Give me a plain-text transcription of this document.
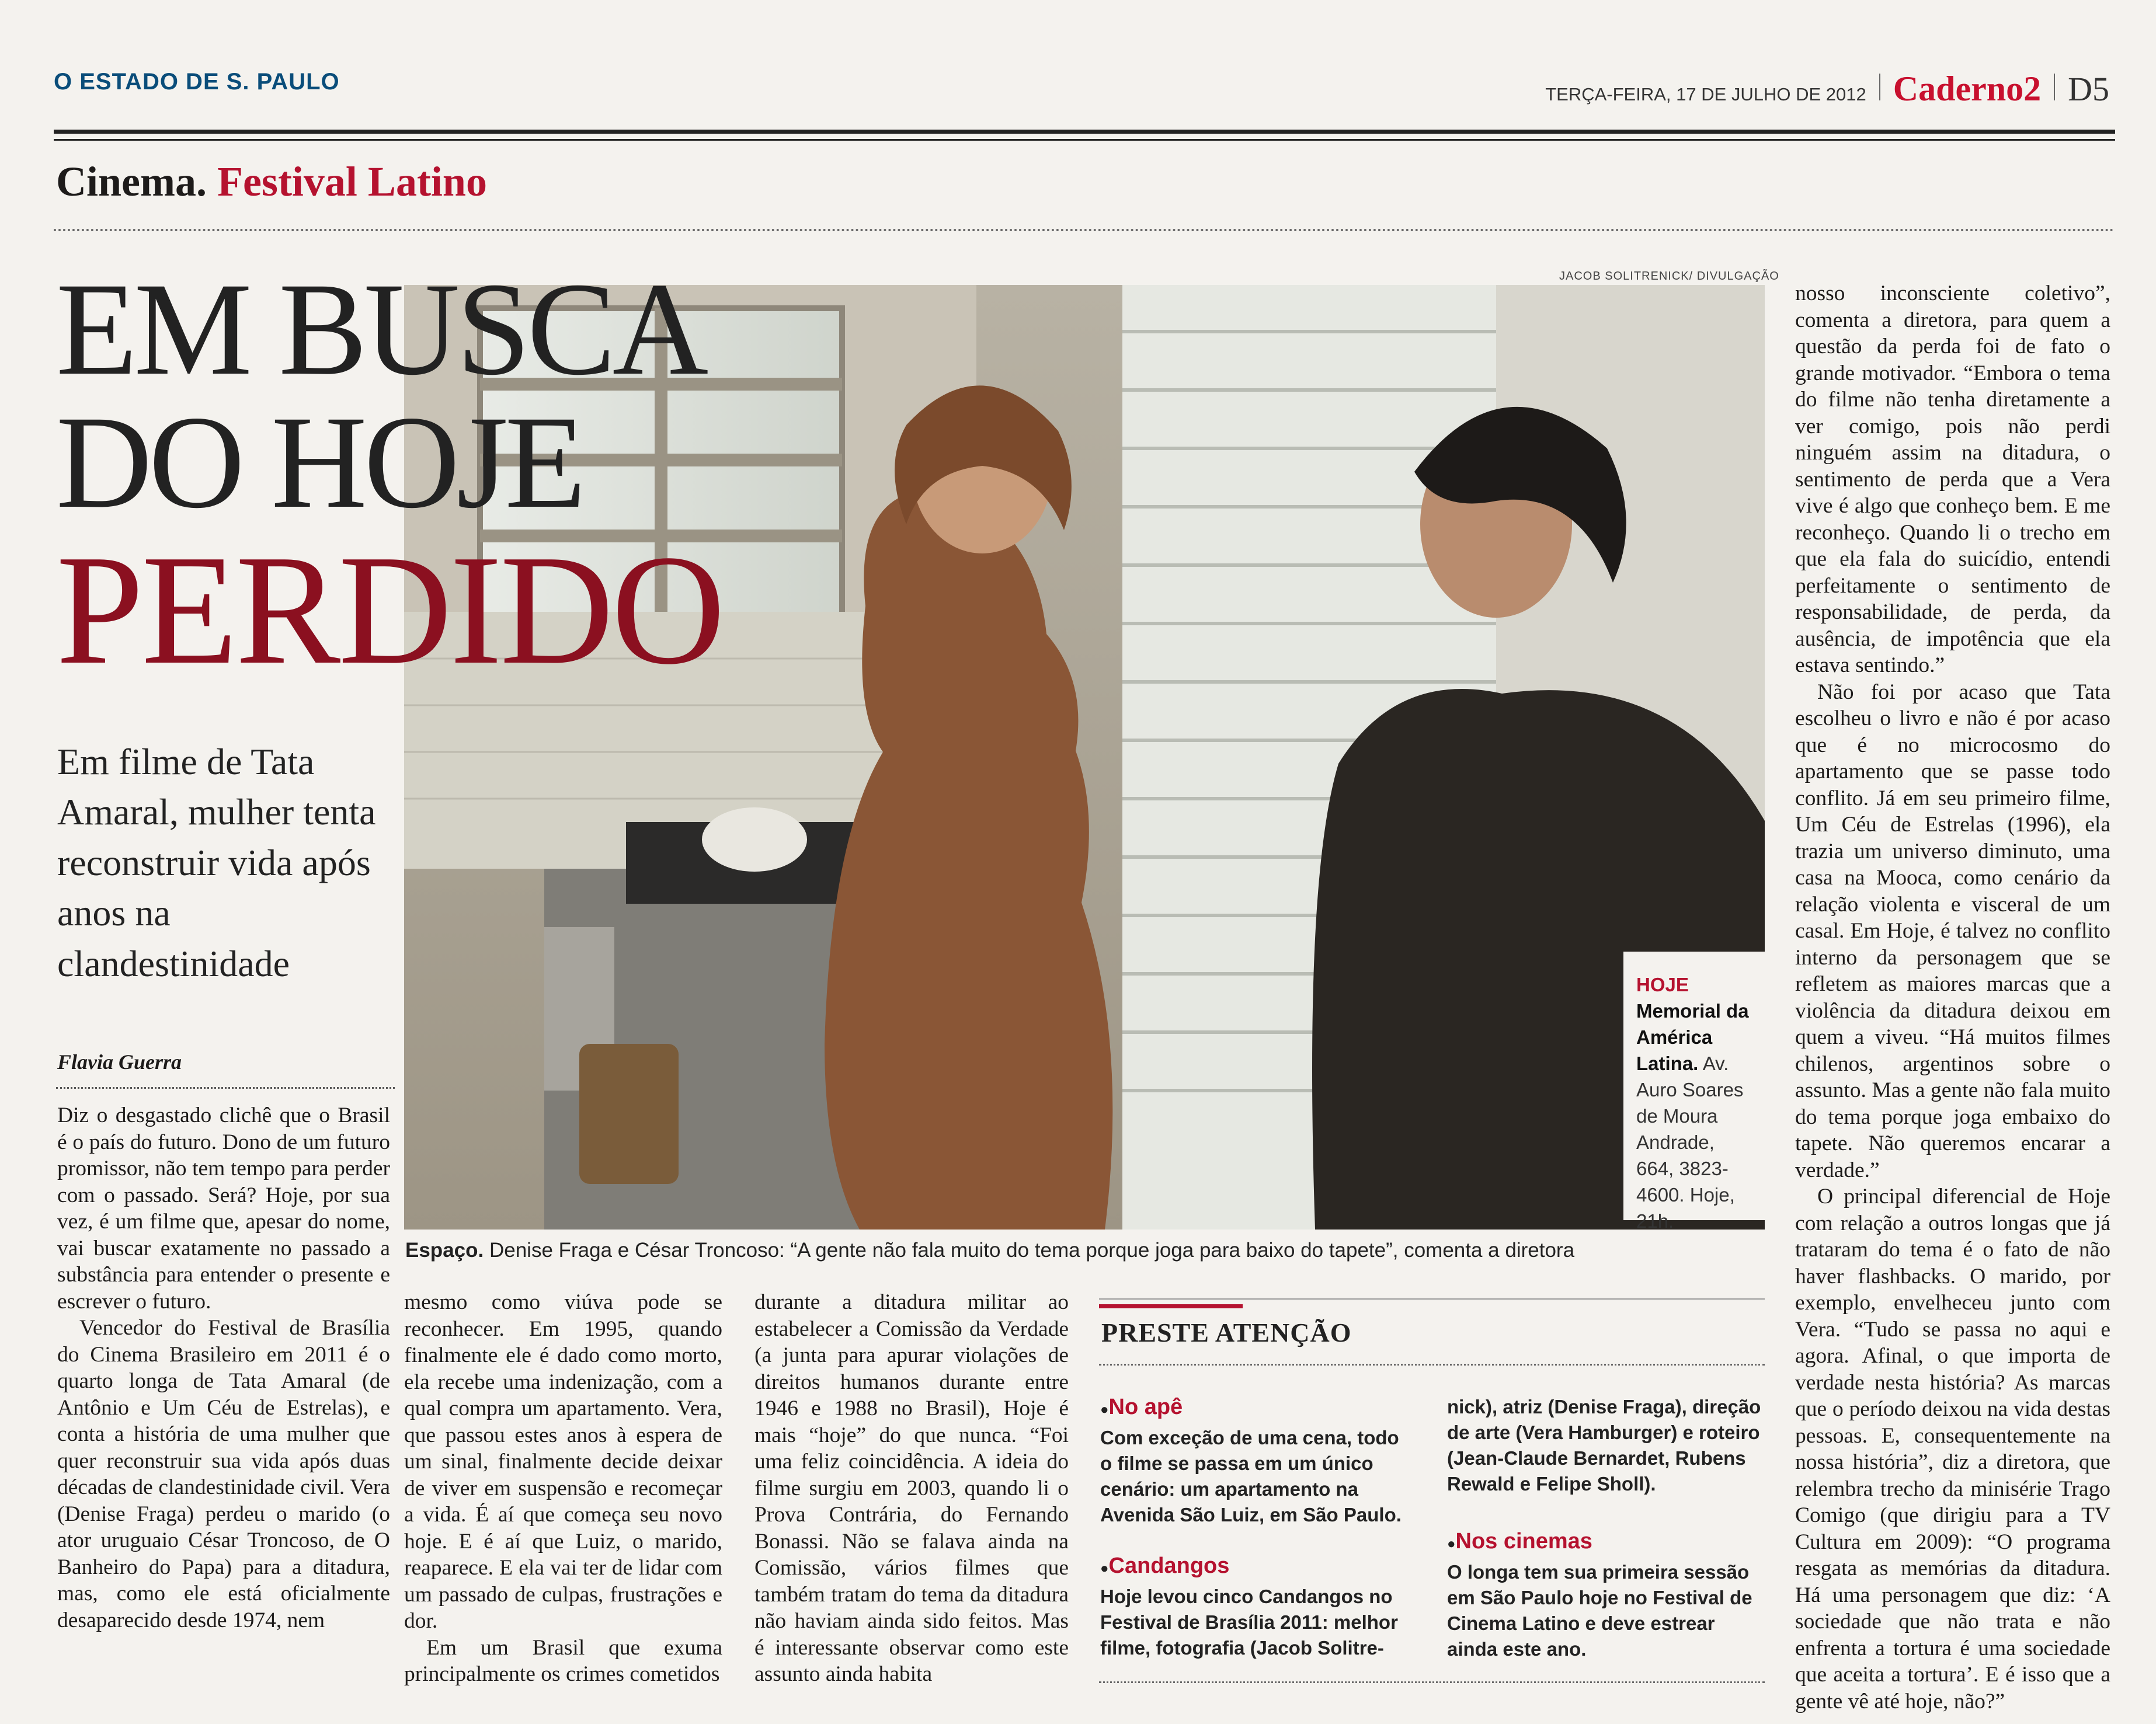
O ESTADO DE S. PAULO	TERÇA-FEIRA, 17 DE JULHO DE 2012 Caderno2 D5
Cinema. Festival Latino
JACOB SOLITRENICK/ DIVULGAÇÃO
EM BUSCA
DO HOJE
PERDIDO
HOJE
Memorial da América Latina. Av. Auro Soares de Moura Andrade, 664, 3823-4600. Hoje, 21h.
Espaço. Denise Fraga e César Troncoso: “A gente não fala muito do tema porque joga para baixo do tapete”, comenta a diretora
Em filme de Tata Amaral, mulher tenta reconstruir vida após anos na clandestinidade
Flavia Guerra

Diz o desgastado clichê que o Brasil é o país do futuro. Dono de um futuro promissor, não tem tempo para perder com o passado. Será? Hoje, por sua vez, é um filme que, apesar do nome, vai buscar exatamente no passado a substância para entender o presente e escrever o futuro.

Vencedor do Festival de Brasília do Cinema Brasileiro em 2011 é o quarto longa de Tata Amaral (de Antônio e Um Céu de Estrelas), e conta a história de uma mulher que quer reconstruir sua vida após duas décadas de clandestinidade civil. Vera (Denise Fraga) perdeu o marido (o ator uruguaio César Troncoso, de O Banheiro do Papa) para a ditadura, mas, como ele está oficialmente desaparecido desde 1974, nem

mesmo como viúva pode se reconhecer. Em 1995, quando finalmente ele é dado como morto, ela recebe uma indenização, com a qual compra um apartamento. Vera, que passou estes anos à espera de um sinal, finalmente decide deixar de viver em suspensão e recomeçar a vida. É aí que começa seu novo hoje. E é aí que Luiz, o marido, reaparece. E ela vai ter de lidar com um passado de culpas, frustrações e dor.

Em um Brasil que exuma principalmente os crimes cometidos

durante a ditadura militar ao estabelecer a Comissão da Verdade (a junta para apurar violações de direitos humanos durante entre 1946 e 1988 no Brasil), Hoje é mais “hoje” do que nunca. “Foi uma feliz coincidência. A ideia do filme surgiu em 2003, quando li o Prova Contrária, do Fernando Bonassi. Não se falava ainda na Comissão, vários filmes que também tratam do tema da ditadura não haviam ainda sido feitos. Mas é interessante observar como este assunto ainda habita

nosso inconsciente coletivo”, comenta a diretora, para quem a questão da perda foi de fato o grande motivador. “Embora o tema do filme não tenha diretamente a ver comigo, pois não perdi ninguém assim na ditadura, o sentimento de perda que a Vera vive é algo que conheço bem. E me reconheço. Quando li o trecho em que ela fala do suicídio, entendi perfeitamente o sentimento de responsabilidade, de perda, da ausência, de impotência que ela estava sentindo.”

Não foi por acaso que Tata escolheu o livro e não é por acaso que é no microcosmo do apartamento que se passe todo conflito. Já em seu primeiro filme, Um Céu de Estrelas (1996), ela trazia um universo diminuto, uma casa na Mooca, como cenário da relação violenta e visceral de um casal. Em Hoje, é talvez no conflito interno da personagem que se refletem as maiores marcas que a violência da ditadura deixou em quem a viveu. “Há muitos filmes chilenos, argentinos sobre o assunto. Mas a gente não fala muito do tema porque joga embaixo do tapete. Não queremos encarar a verdade.”

O principal diferencial de Hoje com relação a outros longas que já trataram do tema é o fato de não haver flashbacks. O marido, por exemplo, envelheceu junto com Vera. “Tudo se passa no aqui e agora. Afinal, o que importa de verdade nesta história? As marcas que o período deixou na vida destas pessoas. E, consequentemente na nossa história”, diz a diretora, que relembra trecho da minisérie Trago Comigo (que dirigiu para a TV Cultura em 2009): “O programa resgata as memórias da ditadura. Há uma personagem que diz: ‘A sociedade que não trata e não enfrenta a tortura é uma sociedade que aceita a tortura’. E é isso que a gente vê até hoje, não?”

PRESTE ATENÇÃO
● No apê

Com exceção de uma cena, todo o filme se passa em um único cenário: um apartamento na Avenida São Luiz, em São Paulo.

● Candangos

Hoje levou cinco Candangos no Festival de Brasília 2011: melhor filme, fotografia (Jacob Solitre-

nick), atriz (Denise Fraga), direção de arte (Vera Hamburger) e roteiro (Jean-Claude Bernardet, Rubens Rewald e Felipe Sholl).

● Nos cinemas

O longa tem sua primeira sessão em São Paulo hoje no Festival de Cinema Latino e deve estrear ainda este ano.
